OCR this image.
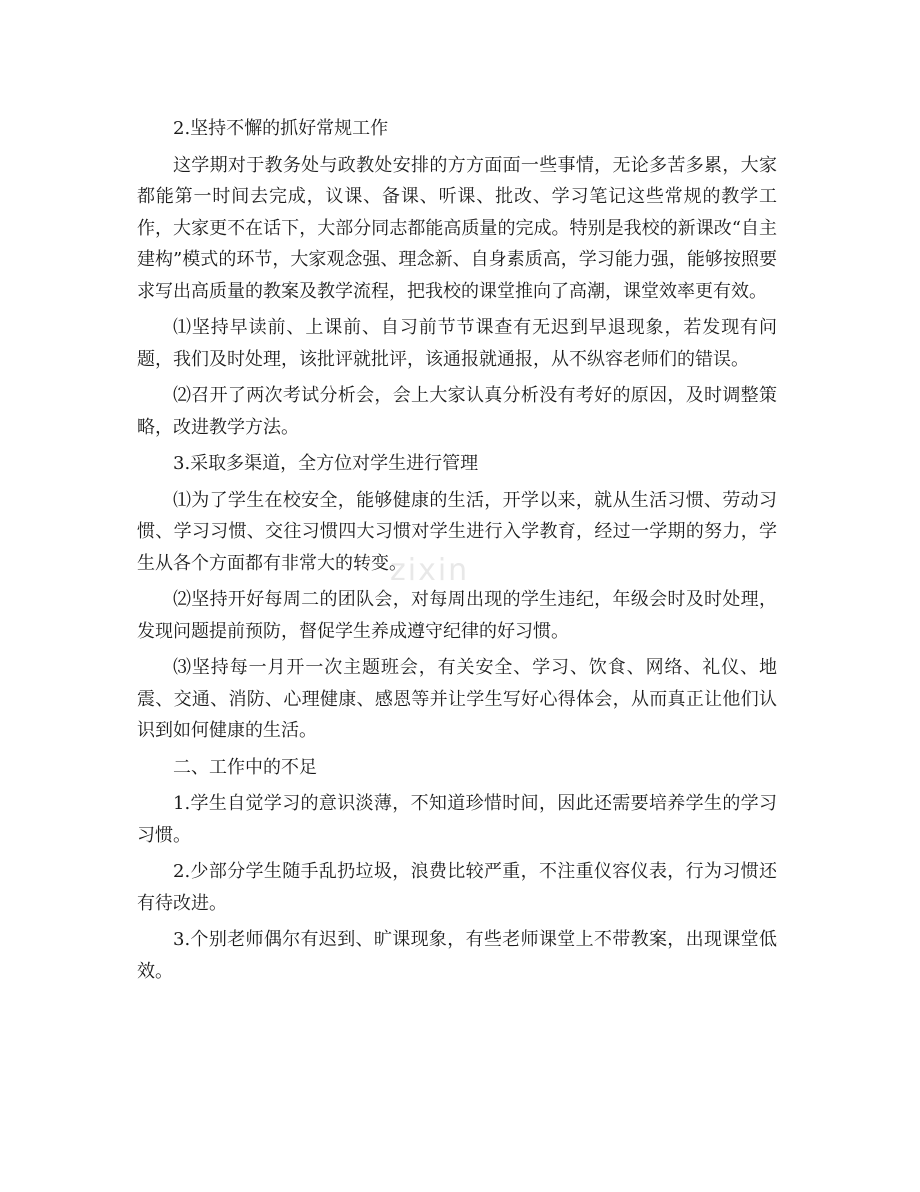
2.坚持不懈的抓好常规工作

这学期对于教务处与政教处安排的方方面面一些事情，无论多苦多累，大家都能第一时间去完成，议课、备课、听课、批改、学习笔记这些常规的教学工作，大家更不在话下，大部分同志都能高质量的完成。特别是我校的新课改“自主建构”模式的环节，大家观念强、理念新、自身素质高，学习能力强，能够按照要求写出高质量的教案及教学流程，把我校的课堂推向了高潮，课堂效率更有效。

⑴坚持早读前、上课前、自习前节节课查有无迟到早退现象，若发现有问题，我们及时处理，该批评就批评，该通报就通报，从不纵容老师们的错误。

⑵召开了两次考试分析会，会上大家认真分析没有考好的原因，及时调整策略，改进教学方法。

3.采取多渠道，全方位对学生进行管理

⑴为了学生在校安全，能够健康的生活，开学以来，就从生活习惯、劳动习惯、学习习惯、交往习惯四大习惯对学生进行入学教育，经过一学期的努力，学生从各个方面都有非常大的转变。

⑵坚持开好每周二的团队会，对每周出现的学生违纪，年级会时及时处理，发现问题提前预防，督促学生养成遵守纪律的好习惯。

⑶坚持每一月开一次主题班会，有关安全、学习、饮食、网络、礼仪、地震、交通、消防、心理健康、感恩等并让学生写好心得体会，从而真正让他们认识到如何健康的生活。

二、工作中的不足

1.学生自觉学习的意识淡薄，不知道珍惜时间，因此还需要培养学生的学习习惯。

2.少部分学生随手乱扔垃圾，浪费比较严重，不注重仪容仪表，行为习惯还有待改进。

3.个别老师偶尔有迟到、旷课现象，有些老师课堂上不带教案，出现课堂低效。

zixin
